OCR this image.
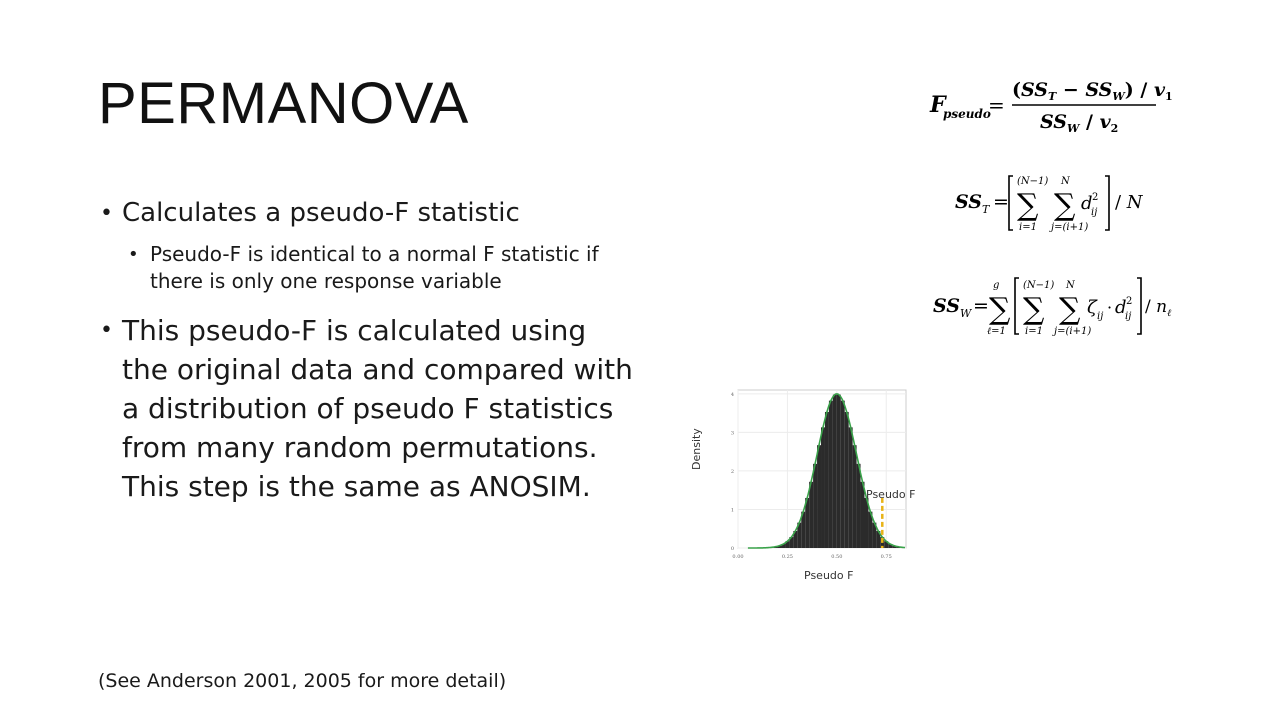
PERMANOVA
• Calculates a pseudo-F statistic
• Pseudo-F is identical to a normal F statistic if there is only one response variable
• This pseudo-F is calculated using the original data and compared with a distribution of pseudo F statistics from many random permutations. This step is the same as ANOSIM.
(See Anderson 2001, 2005 for more detail)
F
pseudo
=
$(SS_T - SS_W) / v_1$
$SS_W / v_2$
SS T =
(N−1)
∑
i=1
N
∑
j=(i+1)
d 2
ij / N
SS W =
g
∑
ℓ=1
(N−1)
∑
i=1
N
∑
j=(i+1)
ζ ij · d 2
ij / $n_\ell$
0.00	0.25	0.50	0.75
0
1
2
3
4
Density
Pseudo F
Pseudo F
